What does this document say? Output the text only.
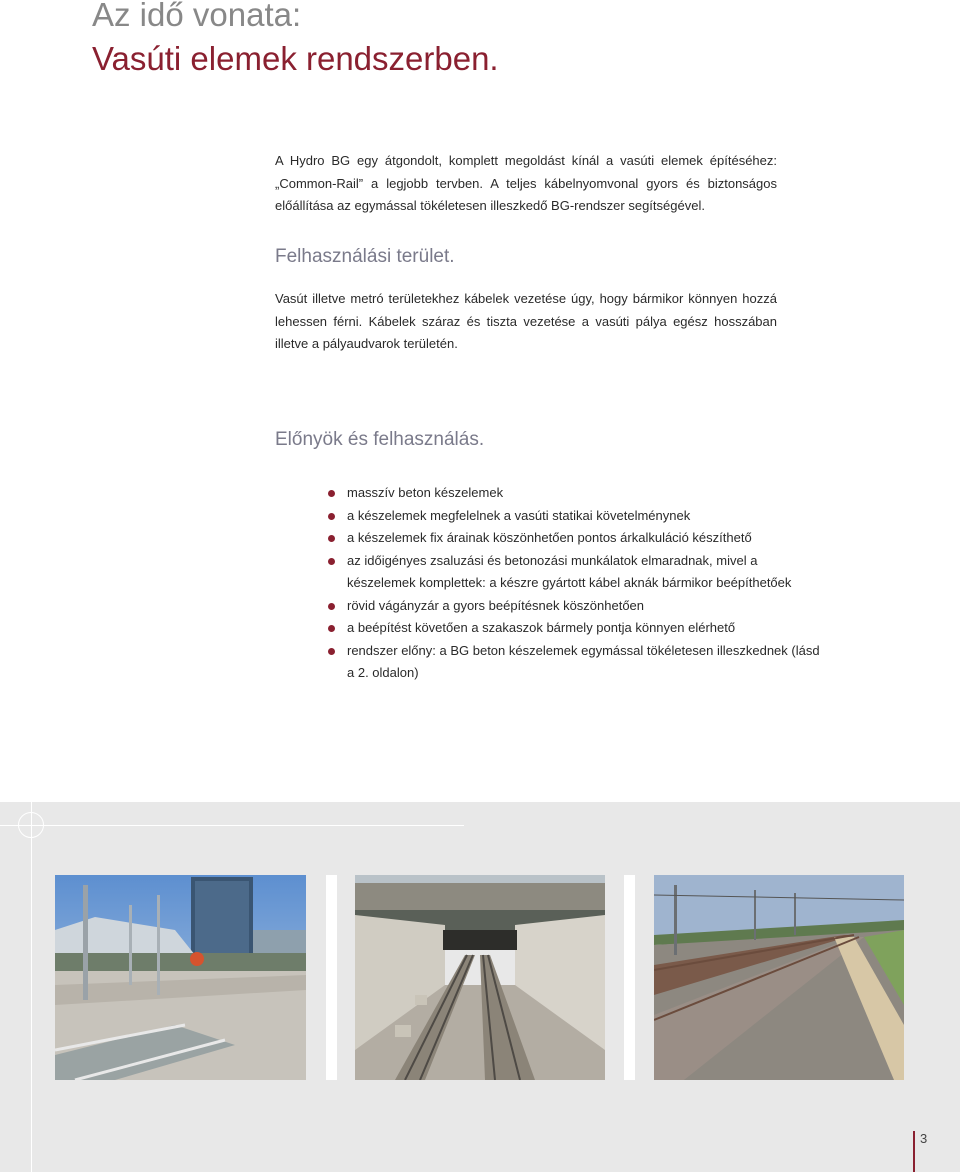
Az idő vonata:
Vasúti elemek rendszerben.
A Hydro BG egy átgondolt, komplett megoldást kínál a vasúti elemek építéséhez: „Common-Rail” a legjobb tervben. A teljes kábelnyomvonal gyors és biztonságos előállítása az egymással tökéletesen illeszkedő BG-rendszer segítségével.
Felhasználási terület.
Vasút illetve metró területekhez kábelek vezetése úgy, hogy bármikor könnyen hozzá lehessen férni. Kábelek száraz és tiszta vezetése a vasúti pálya egész hosszában illetve a pályaudvarok területén.
Előnyök és felhasználás.
masszív beton készelemek
a készelemek megfelelnek a vasúti statikai követelménynek
a készelemek fix árainak köszönhetően pontos árkalkuláció készíthető
az időigényes zsaluzási és betonozási munkálatok elmaradnak, mivel a készelemek komplettek: a készre gyártott kábel aknák bármikor beépíthetőek
rövid vágányzár a gyors beépítésnek köszönhetően
a beépítést követően a szakaszok bármely pontja könnyen elérhető
rendszer előny: a BG beton készelemek egymással tökéletesen illeszkednek (lásd a 2. oldalon)
3
